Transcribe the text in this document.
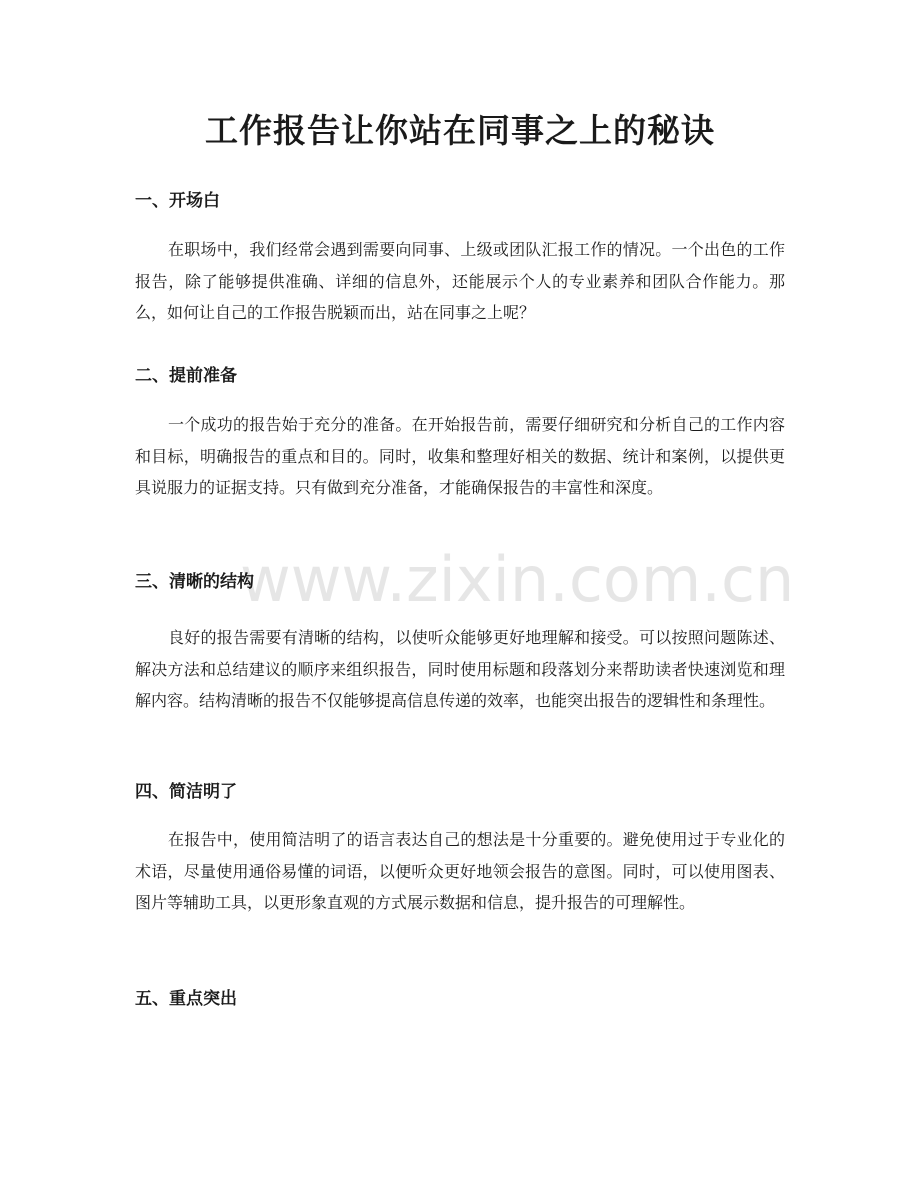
www.zixin.com.cn
工作报告让你站在同事之上的秘诀
一、开场白

在职场中，我们经常会遇到需要向同事、上级或团队汇报工作的情况。一个出色的工作报告，除了能够提供准确、详细的信息外，还能展示个人的专业素养和团队合作能力。那么，如何让自己的工作报告脱颖而出，站在同事之上呢？

二、提前准备

一个成功的报告始于充分的准备。在开始报告前，需要仔细研究和分析自己的工作内容和目标，明确报告的重点和目的。同时，收集和整理好相关的数据、统计和案例，以提供更具说服力的证据支持。只有做到充分准备，才能确保报告的丰富性和深度。

三、清晰的结构

良好的报告需要有清晰的结构，以使听众能够更好地理解和接受。可以按照问题陈述、解决方法和总结建议的顺序来组织报告，同时使用标题和段落划分来帮助读者快速浏览和理解内容。结构清晰的报告不仅能够提高信息传递的效率，也能突出报告的逻辑性和条理性。

四、简洁明了

在报告中，使用简洁明了的语言表达自己的想法是十分重要的。避免使用过于专业化的术语，尽量使用通俗易懂的词语，以便听众更好地领会报告的意图。同时，可以使用图表、图片等辅助工具，以更形象直观的方式展示数据和信息，提升报告的可理解性。

五、重点突出
